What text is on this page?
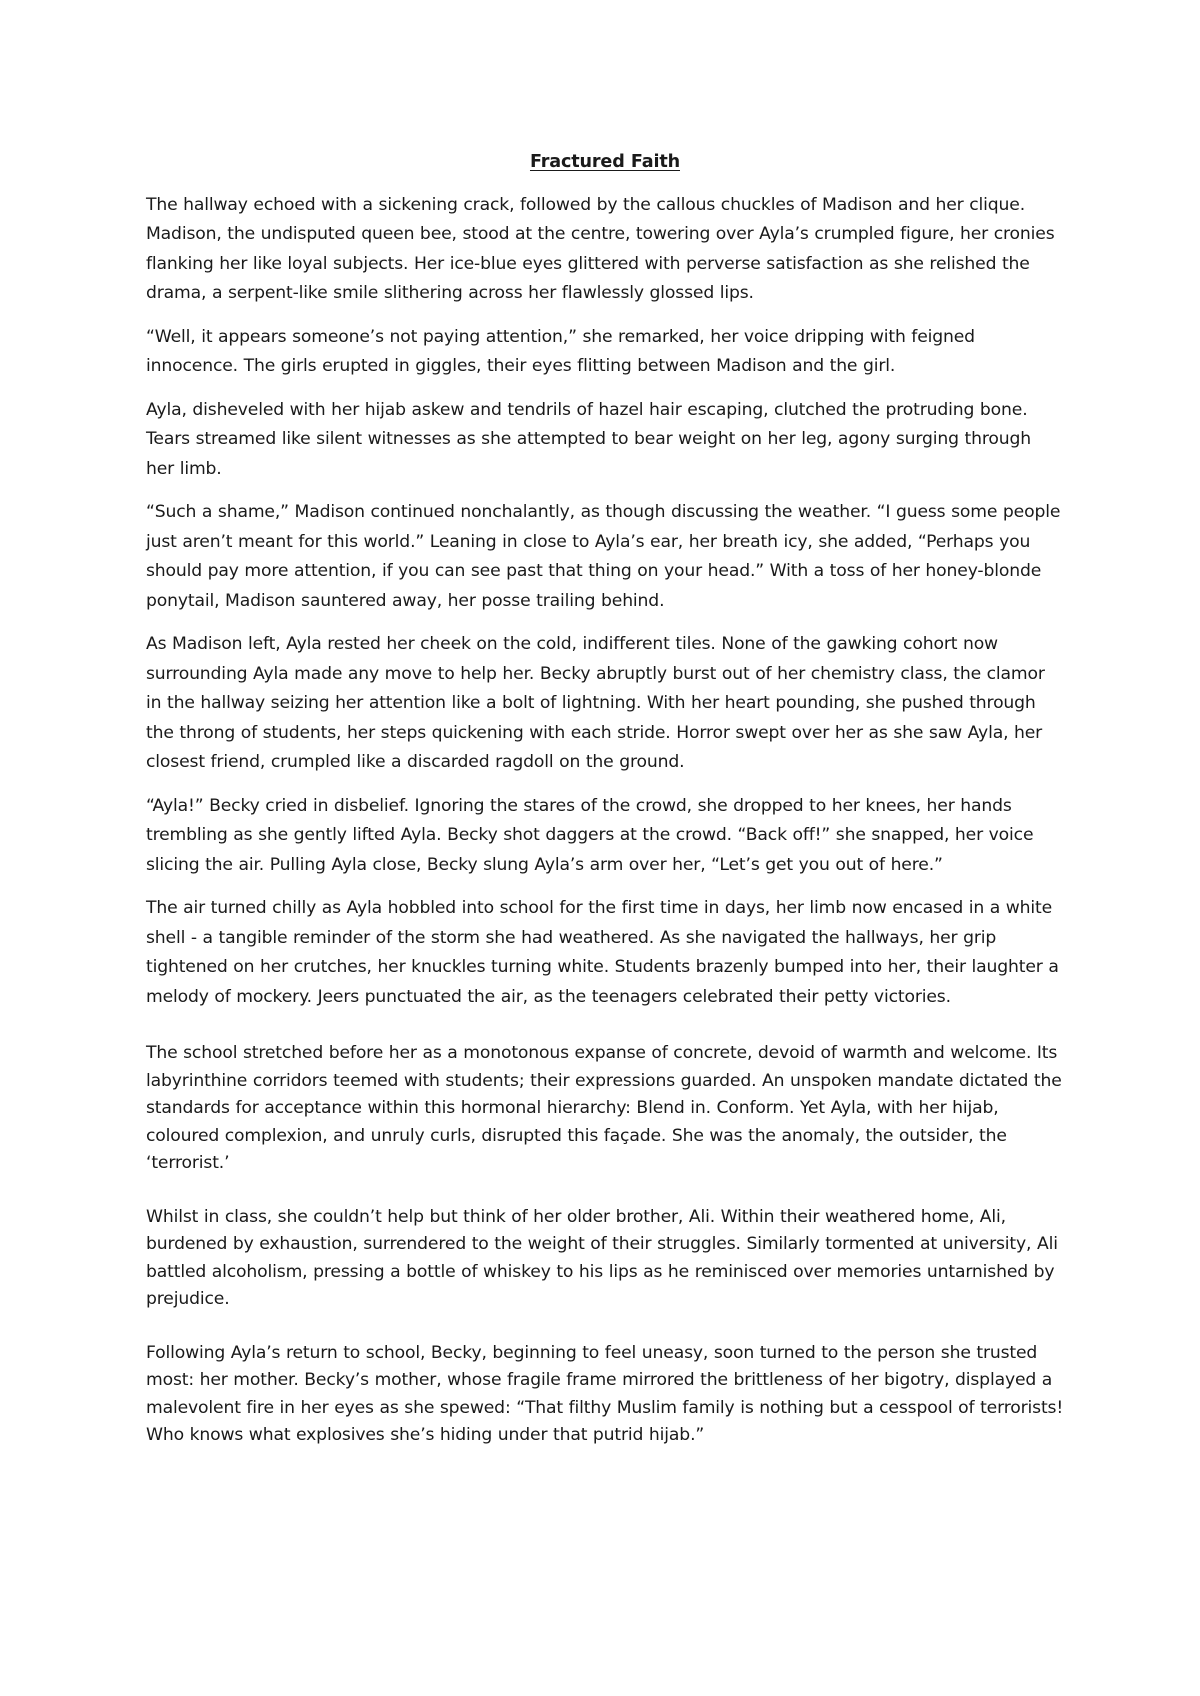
Fractured Faith

The hallway echoed with a sickening crack, followed by the callous chuckles of Madison and her clique. Madison, the undisputed queen bee, stood at the centre, towering over Ayla’s crumpled figure, her cronies flanking her like loyal subjects. Her ice-blue eyes glittered with perverse satisfaction as she relished the drama, a serpent-like smile slithering across her flawlessly glossed lips.

“Well, it appears someone’s not paying attention,” she remarked, her voice dripping with feigned innocence. The girls erupted in giggles, their eyes flitting between Madison and the girl.

Ayla, disheveled with her hijab askew and tendrils of hazel hair escaping, clutched the protruding bone. Tears streamed like silent witnesses as she attempted to bear weight on her leg, agony surging through her limb.

“Such a shame,” Madison continued nonchalantly, as though discussing the weather. “I guess some people just aren’t meant for this world.” Leaning in close to Ayla’s ear, her breath icy, she added, “Perhaps you should pay more attention, if you can see past that thing on your head.” With a toss of her honey-blonde ponytail, Madison sauntered away, her posse trailing behind.

As Madison left, Ayla rested her cheek on the cold, indifferent tiles. None of the gawking cohort now surrounding Ayla made any move to help her. Becky abruptly burst out of her chemistry class, the clamor in the hallway seizing her attention like a bolt of lightning. With her heart pounding, she pushed through the throng of students, her steps quickening with each stride. Horror swept over her as she saw Ayla, her closest friend, crumpled like a discarded ragdoll on the ground.

“Ayla!” Becky cried in disbelief. Ignoring the stares of the crowd, she dropped to her knees, her hands trembling as she gently lifted Ayla. Becky shot daggers at the crowd. “Back off!” she snapped, her voice slicing the air. Pulling Ayla close, Becky slung Ayla’s arm over her, “Let’s get you out of here.”

The air turned chilly as Ayla hobbled into school for the first time in days, her limb now encased in a white shell - a tangible reminder of the storm she had weathered. As she navigated the hallways, her grip tightened on her crutches, her knuckles turning white. Students brazenly bumped into her, their laughter a melody of mockery. Jeers punctuated the air, as the teenagers celebrated their petty victories.

The school stretched before her as a monotonous expanse of concrete, devoid of warmth and welcome. Its labyrinthine corridors teemed with students; their expressions guarded. An unspoken mandate dictated the standards for acceptance within this hormonal hierarchy: Blend in. Conform. Yet Ayla, with her hijab, coloured complexion, and unruly curls, disrupted this façade. She was the anomaly, the outsider, the ‘terrorist.’

Whilst in class, she couldn’t help but think of her older brother, Ali. Within their weathered home, Ali, burdened by exhaustion, surrendered to the weight of their struggles. Similarly tormented at university, Ali battled alcoholism, pressing a bottle of whiskey to his lips as he reminisced over memories untarnished by prejudice.

Following Ayla’s return to school, Becky, beginning to feel uneasy, soon turned to the person she trusted most: her mother. Becky’s mother, whose fragile frame mirrored the brittleness of her bigotry, displayed a malevolent fire in her eyes as she spewed: “That filthy Muslim family is nothing but a cesspool of terrorists! Who knows what explosives she’s hiding under that putrid hijab.”
